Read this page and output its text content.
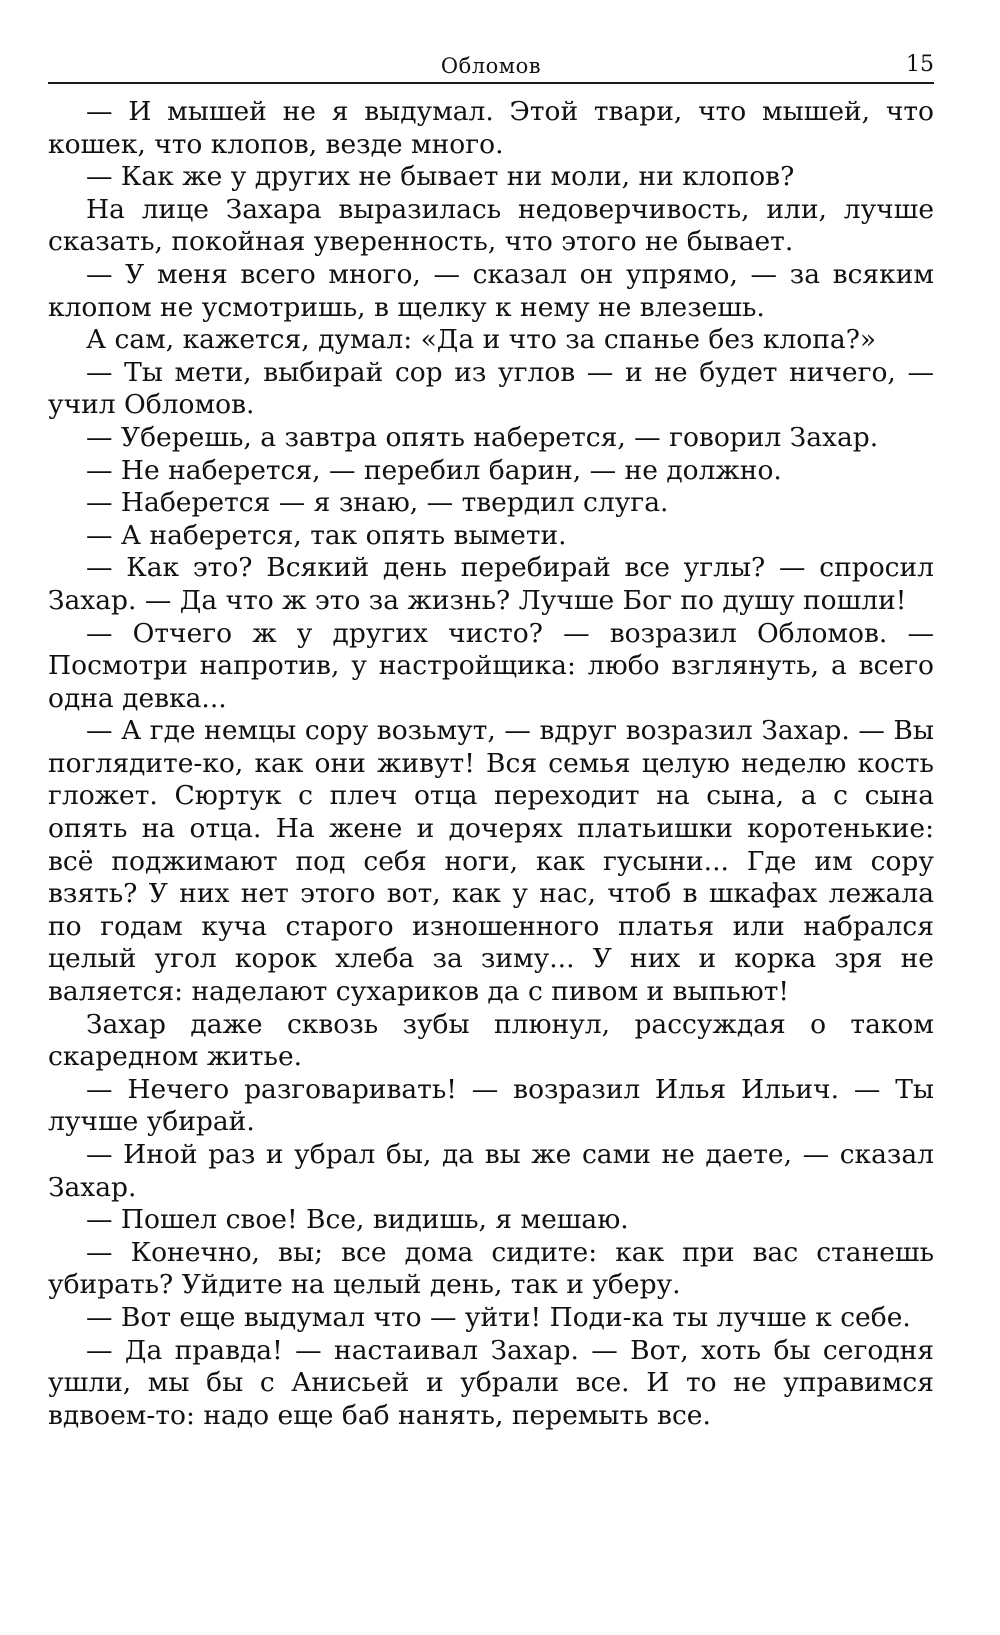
Обломов	15

— И мышей не я выдумал. Этой твари, что мышей, что кошек, что клопов, везде много.

— Как же у других не бывает ни моли, ни клопов?

На лице Захара выразилась недоверчивость, или, лучше сказать, покойная уверенность, что этого не бывает.

— У меня всего много, — сказал он упрямо, — за всяким клопом не усмотришь, в щелку к нему не влезешь.

А сам, кажется, думал: «Да и что за спанье без клопа?»

— Ты мети, выбирай сор из углов — и не будет ничего, — учил Обломов.

— Уберешь, а завтра опять наберется, — говорил Захар.

— Не наберется, — перебил барин, — не должно.

— Наберется — я знаю, — твердил слуга.

— А наберется, так опять вымети.

— Как это? Всякий день перебирай все углы? — спросил Захар. — Да что ж это за жизнь? Лучше Бог по душу пошли!

— Отчего ж у других чисто? — возразил Обломов. — Посмотри напротив, у настройщика: любо взглянуть, а всего одна девка...

— А где немцы сору возьмут, — вдруг возразил Захар. — Вы поглядите-ко, как они живут! Вся семья целую неделю кость гложет. Сюртук с плеч отца переходит на сына, а с сына опять на отца. На жене и дочерях платьишки коротенькие: всё поджимают под себя ноги, как гусыни... Где им сору взять? У них нет этого вот, как у нас, чтоб в шкафах лежала по годам куча старого изношенного платья или набрался целый угол корок хлеба за зиму... У них и корка зря не валяется: наделают сухариков да с пивом и выпьют!

Захар даже сквозь зубы плюнул, рассуждая о таком скаредном житье.

— Нечего разговаривать! — возразил Илья Ильич. — Ты лучше убирай.

— Иной раз и убрал бы, да вы же сами не даете, — сказал Захар.

— Пошел свое! Все, видишь, я мешаю.

— Конечно, вы; все дома сидите: как при вас станешь убирать? Уйдите на целый день, так и уберу.

— Вот еще выдумал что — уйти! Поди-ка ты лучше к себе.

— Да правда! — настаивал Захар. — Вот, хоть бы сегодня ушли, мы бы с Анисьей и убрали все. И то не управимся вдвоем-то: надо еще баб нанять, перемыть все.
